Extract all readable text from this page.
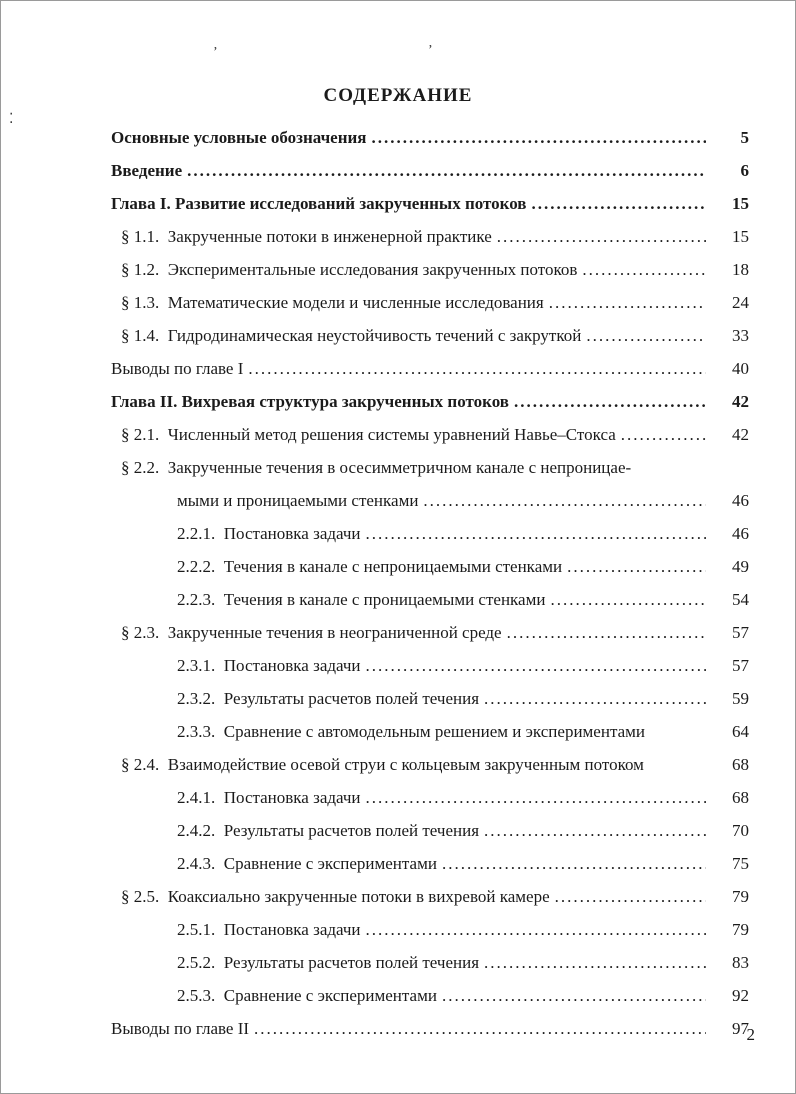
’	’
⁚
СОДЕРЖАНИЕ
Основные условные обозначения .....	5
Введение .....	6
Глава I. Развитие исследований закрученных потоков .....	15
§ 1.1.  Закрученные потоки в инженерной практике .....	15
§ 1.2.  Экспериментальные исследования закрученных потоков .....	18
§ 1.3.  Математические модели и численные исследования .....	24
§ 1.4.  Гидродинамическая неустойчивость течений с закруткой .....	33
Выводы по главе I .....	40
Глава II. Вихревая структура закрученных потоков .....	42
§ 2.1.  Численный метод решения системы уравнений Навье–Стокса .....	42
§ 2.2.  Закрученные течения в осесимметричном канале с непроницае-
мыми и проницаемыми стенками .....	46
2.2.1.  Постановка задачи .....	46
2.2.2.  Течения в канале с непроницаемыми стенками .....	49
2.2.3.  Течения в канале с проницаемыми стенками .....	54
§ 2.3.  Закрученные течения в неограниченной среде .....	57
2.3.1.  Постановка задачи .....	57
2.3.2.  Результаты расчетов полей течения .....	59
2.3.3.  Сравнение с автомодельным решением и экспериментами	64
§ 2.4.  Взаимодействие осевой струи с кольцевым закрученным потоком	68
2.4.1.  Постановка задачи .....	68
2.4.2.  Результаты расчетов полей течения .....	70
2.4.3.  Сравнение с экспериментами .....	75
§ 2.5.  Коаксиально закрученные потоки в вихревой камере .....	79
2.5.1.  Постановка задачи .....	79
2.5.2.  Результаты расчетов полей течения .....	83
2.5.3.  Сравнение с экспериментами .....	92
Выводы по главе II .....	97
2
